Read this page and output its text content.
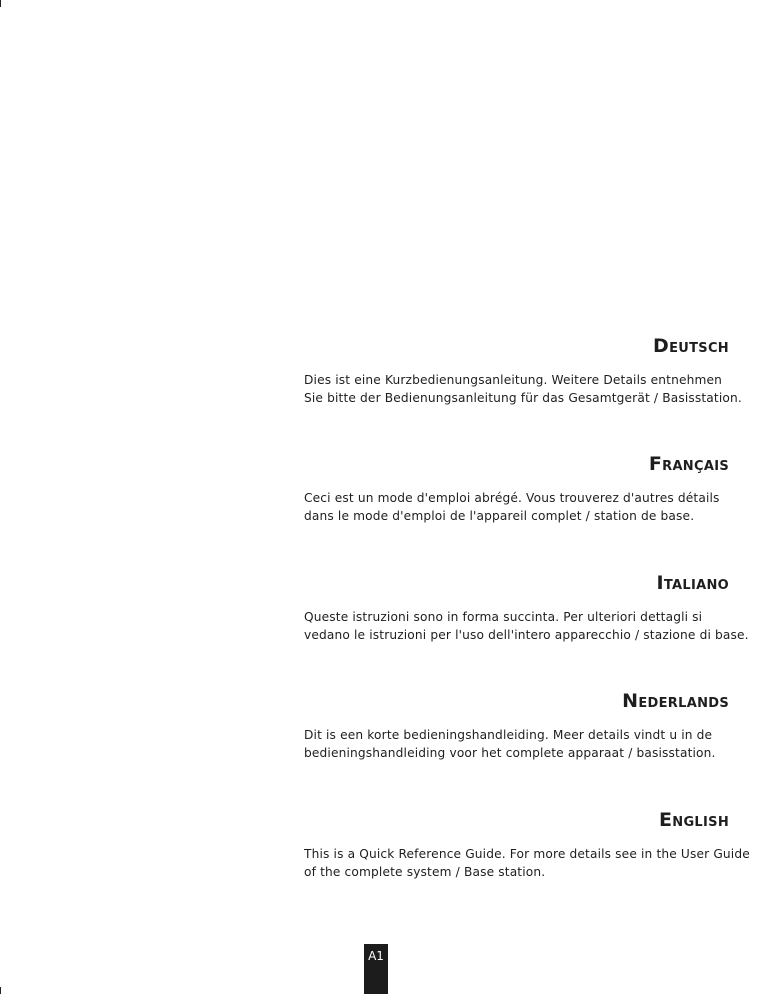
Deutsch

Dies ist eine Kurzbedienungsanleitung. Weitere Details entnehmen
Sie bitte der Bedienungsanleitung für das Gesamtgerät / Basisstation.

Français

Ceci est un mode d'emploi abrégé. Vous trouverez d'autres détails
dans le mode d'emploi de l'appareil complet / station de base.

Italiano

Queste istruzioni sono in forma succinta. Per ulteriori dettagli si
vedano le istruzioni per l'uso dell'intero apparecchio / stazione di base.

Nederlands

Dit is een korte bedieningshandleiding. Meer details vindt u in de
bedieningshandleiding voor het complete apparaat / basisstation.

English

This is a Quick Reference Guide. For more details see in the User Guide
of the complete system / Base station.

A1
